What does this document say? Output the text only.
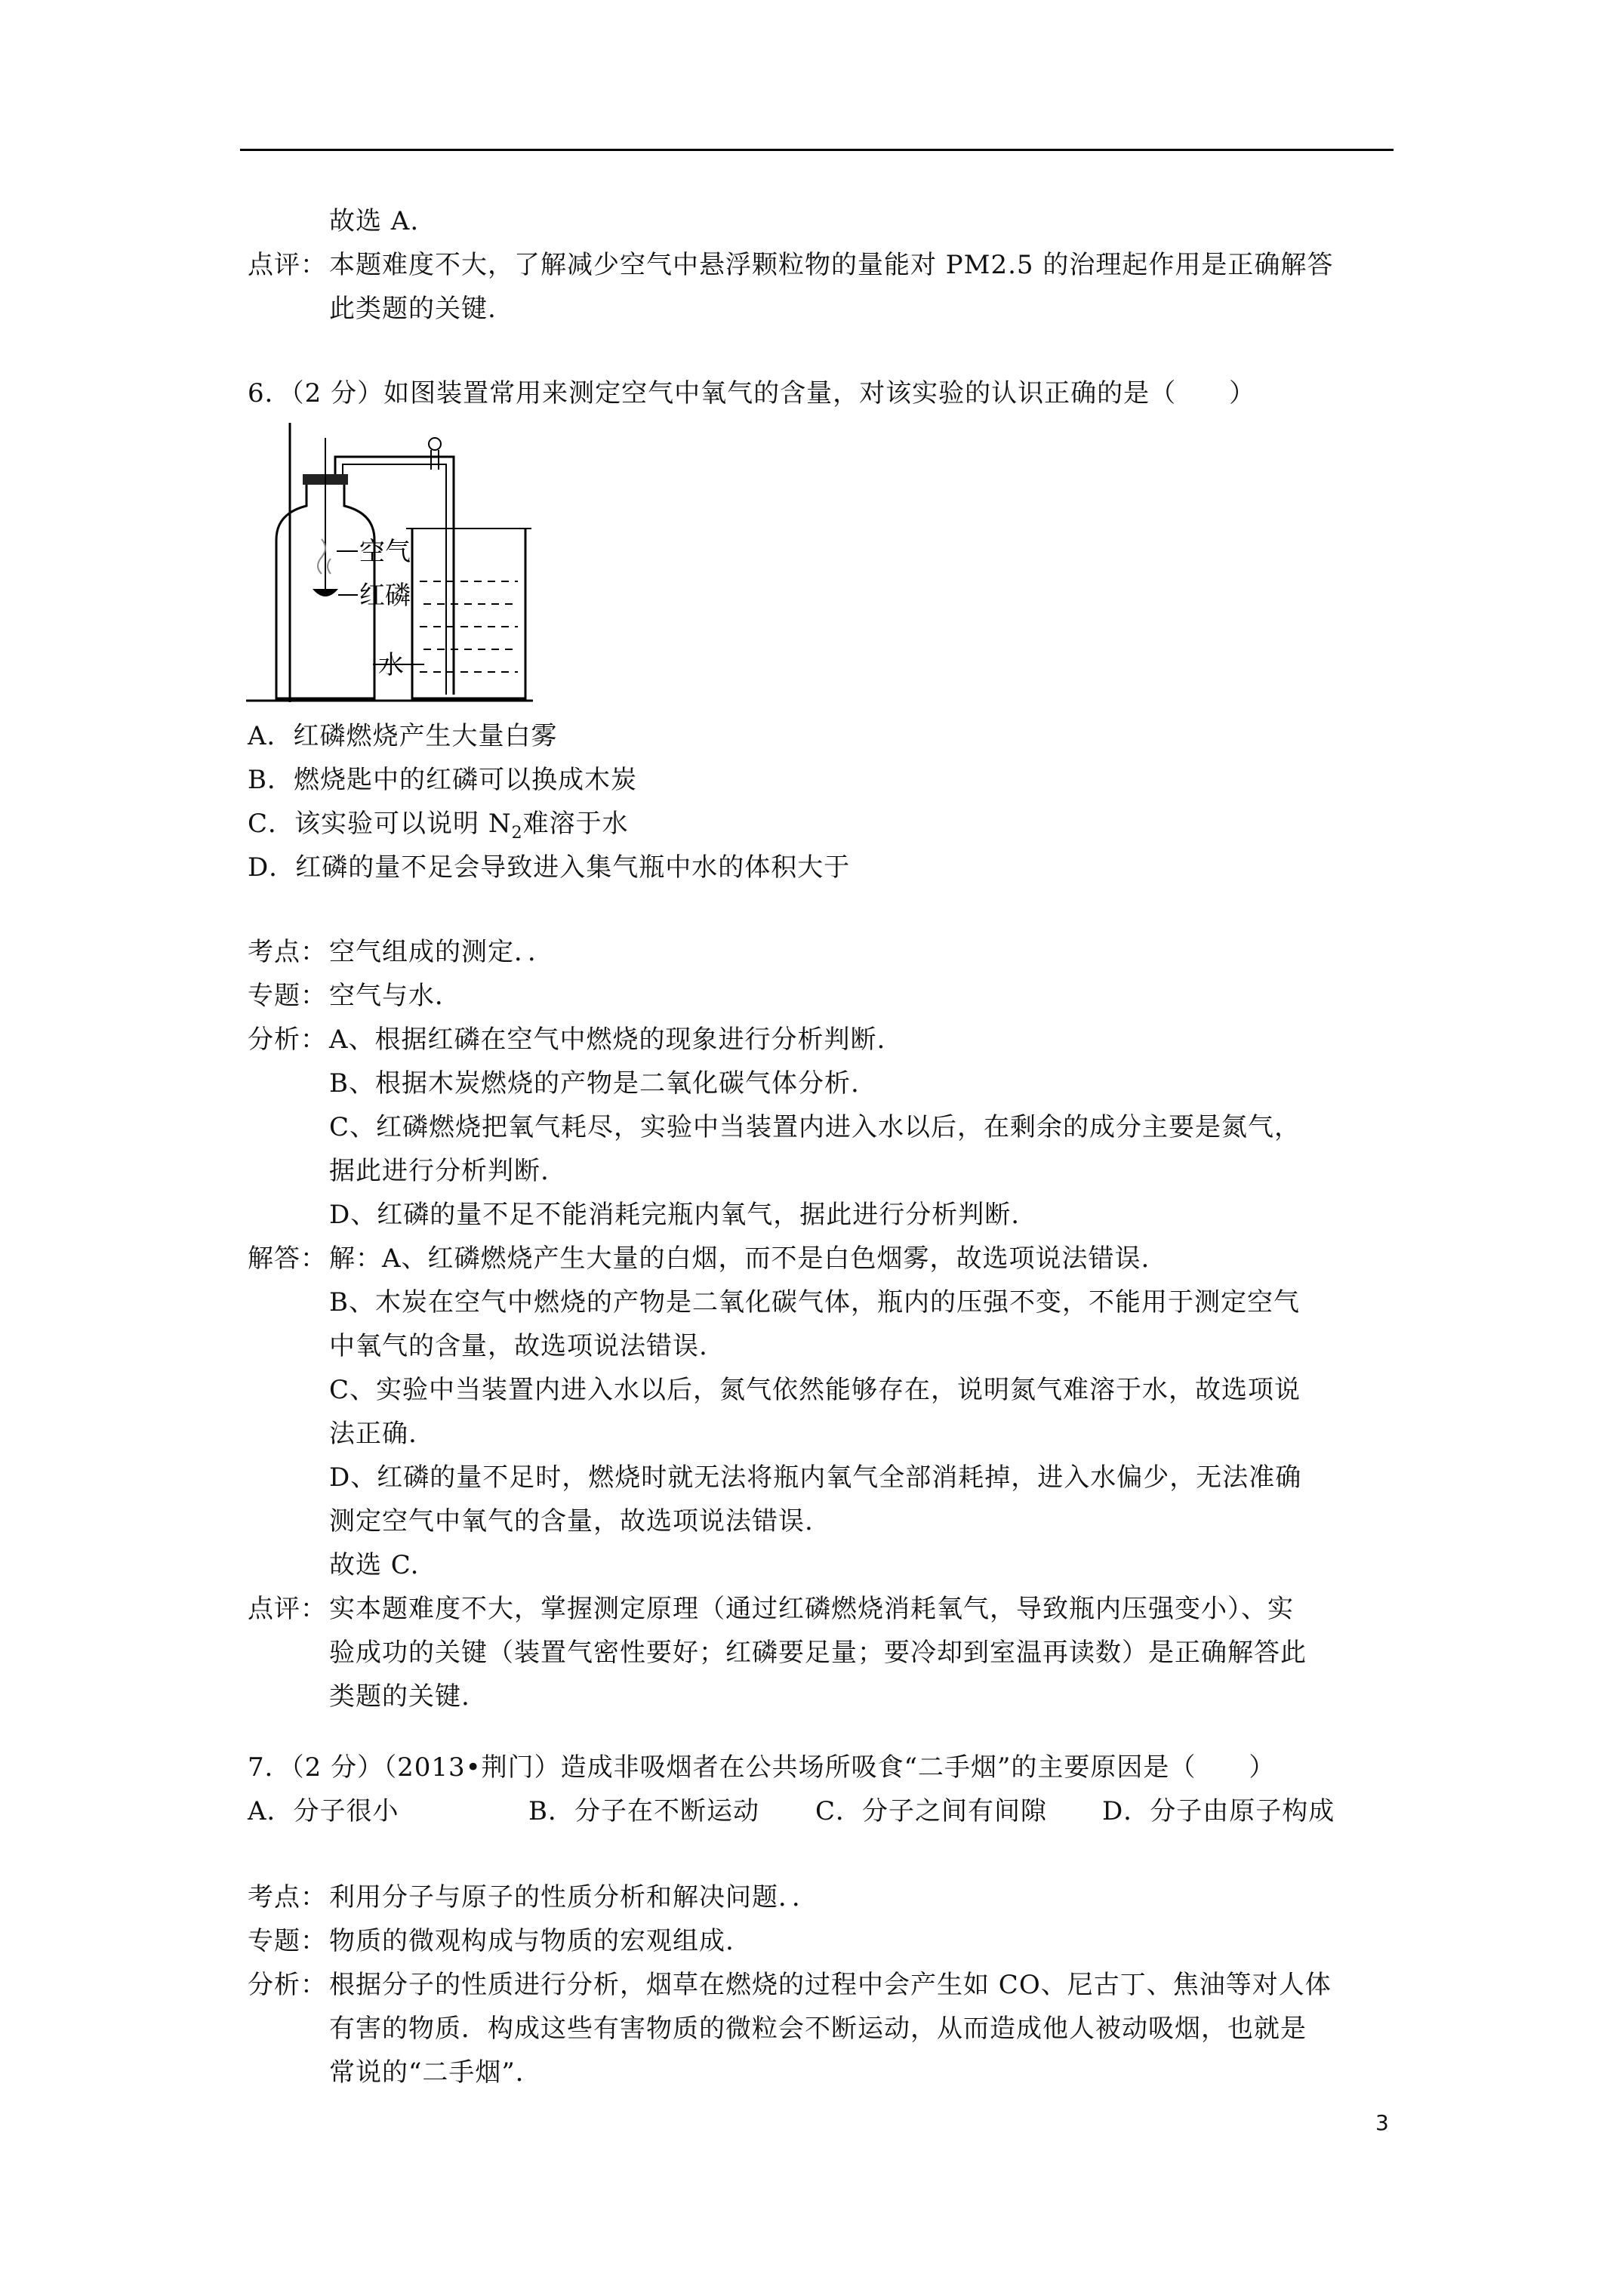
故选 A.
点评： 本题难度不大，了解减少空气中悬浮颗粒物的量能对 PM2.5 的治理起作用是正确解答
此类题的关键.
6．（2 分）如图装置常用来测定空气中氧气的含量，对该实验的认识正确的是（　　）
空气
红磷
水
A．红磷燃烧产生大量白雾
B．燃烧匙中的红磷可以换成木炭
C．该实验可以说明 $N_2$难溶于水
D．红磷的量不足会导致进入集气瓶中水的体积大于
考点： 空气组成的测定．．
专题： 空气与水．
分析： A、根据红磷在空气中燃烧的现象进行分析判断.
B、根据木炭燃烧的产物是二氧化碳气体分析.
C、红磷燃烧把氧气耗尽，实验中当装置内进入水以后，在剩余的成分主要是氮气，
据此进行分析判断.
D、红磷的量不足不能消耗完瓶内氧气，据此进行分析判断.
解答： 解：A、红磷燃烧产生大量的白烟，而不是白色烟雾，故选项说法错误.
B、木炭在空气中燃烧的产物是二氧化碳气体，瓶内的压强不变，不能用于测定空气
中氧气的含量，故选项说法错误.
C、实验中当装置内进入水以后，氮气依然能够存在，说明氮气难溶于水，故选项说
法正确.
D、红磷的量不足时，燃烧时就无法将瓶内氧气全部消耗掉，进入水偏少，无法准确
测定空气中氧气的含量，故选项说法错误.
故选 C.
点评： 实本题难度不大，掌握测定原理（通过红磷燃烧消耗氧气，导致瓶内压强变小）、实
验成功的关键（装置气密性要好；红磷要足量；要冷却到室温再读数）是正确解答此
类题的关键.
7．（2 分）（2013•荆门）造成非吸烟者在公共场所吸食“二手烟”的主要原因是（　　）
A．分子很小	B．分子在不断运动 C．分子之间有间隙 D．分子由原子构成
考点： 利用分子与原子的性质分析和解决问题．．
专题： 物质的微观构成与物质的宏观组成.
分析： 根据分子的性质进行分析，烟草在燃烧的过程中会产生如 CO、尼古丁、焦油等对人体
有害的物质．构成这些有害物质的微粒会不断运动，从而造成他人被动吸烟，也就是
常说的“二手烟”．
3
